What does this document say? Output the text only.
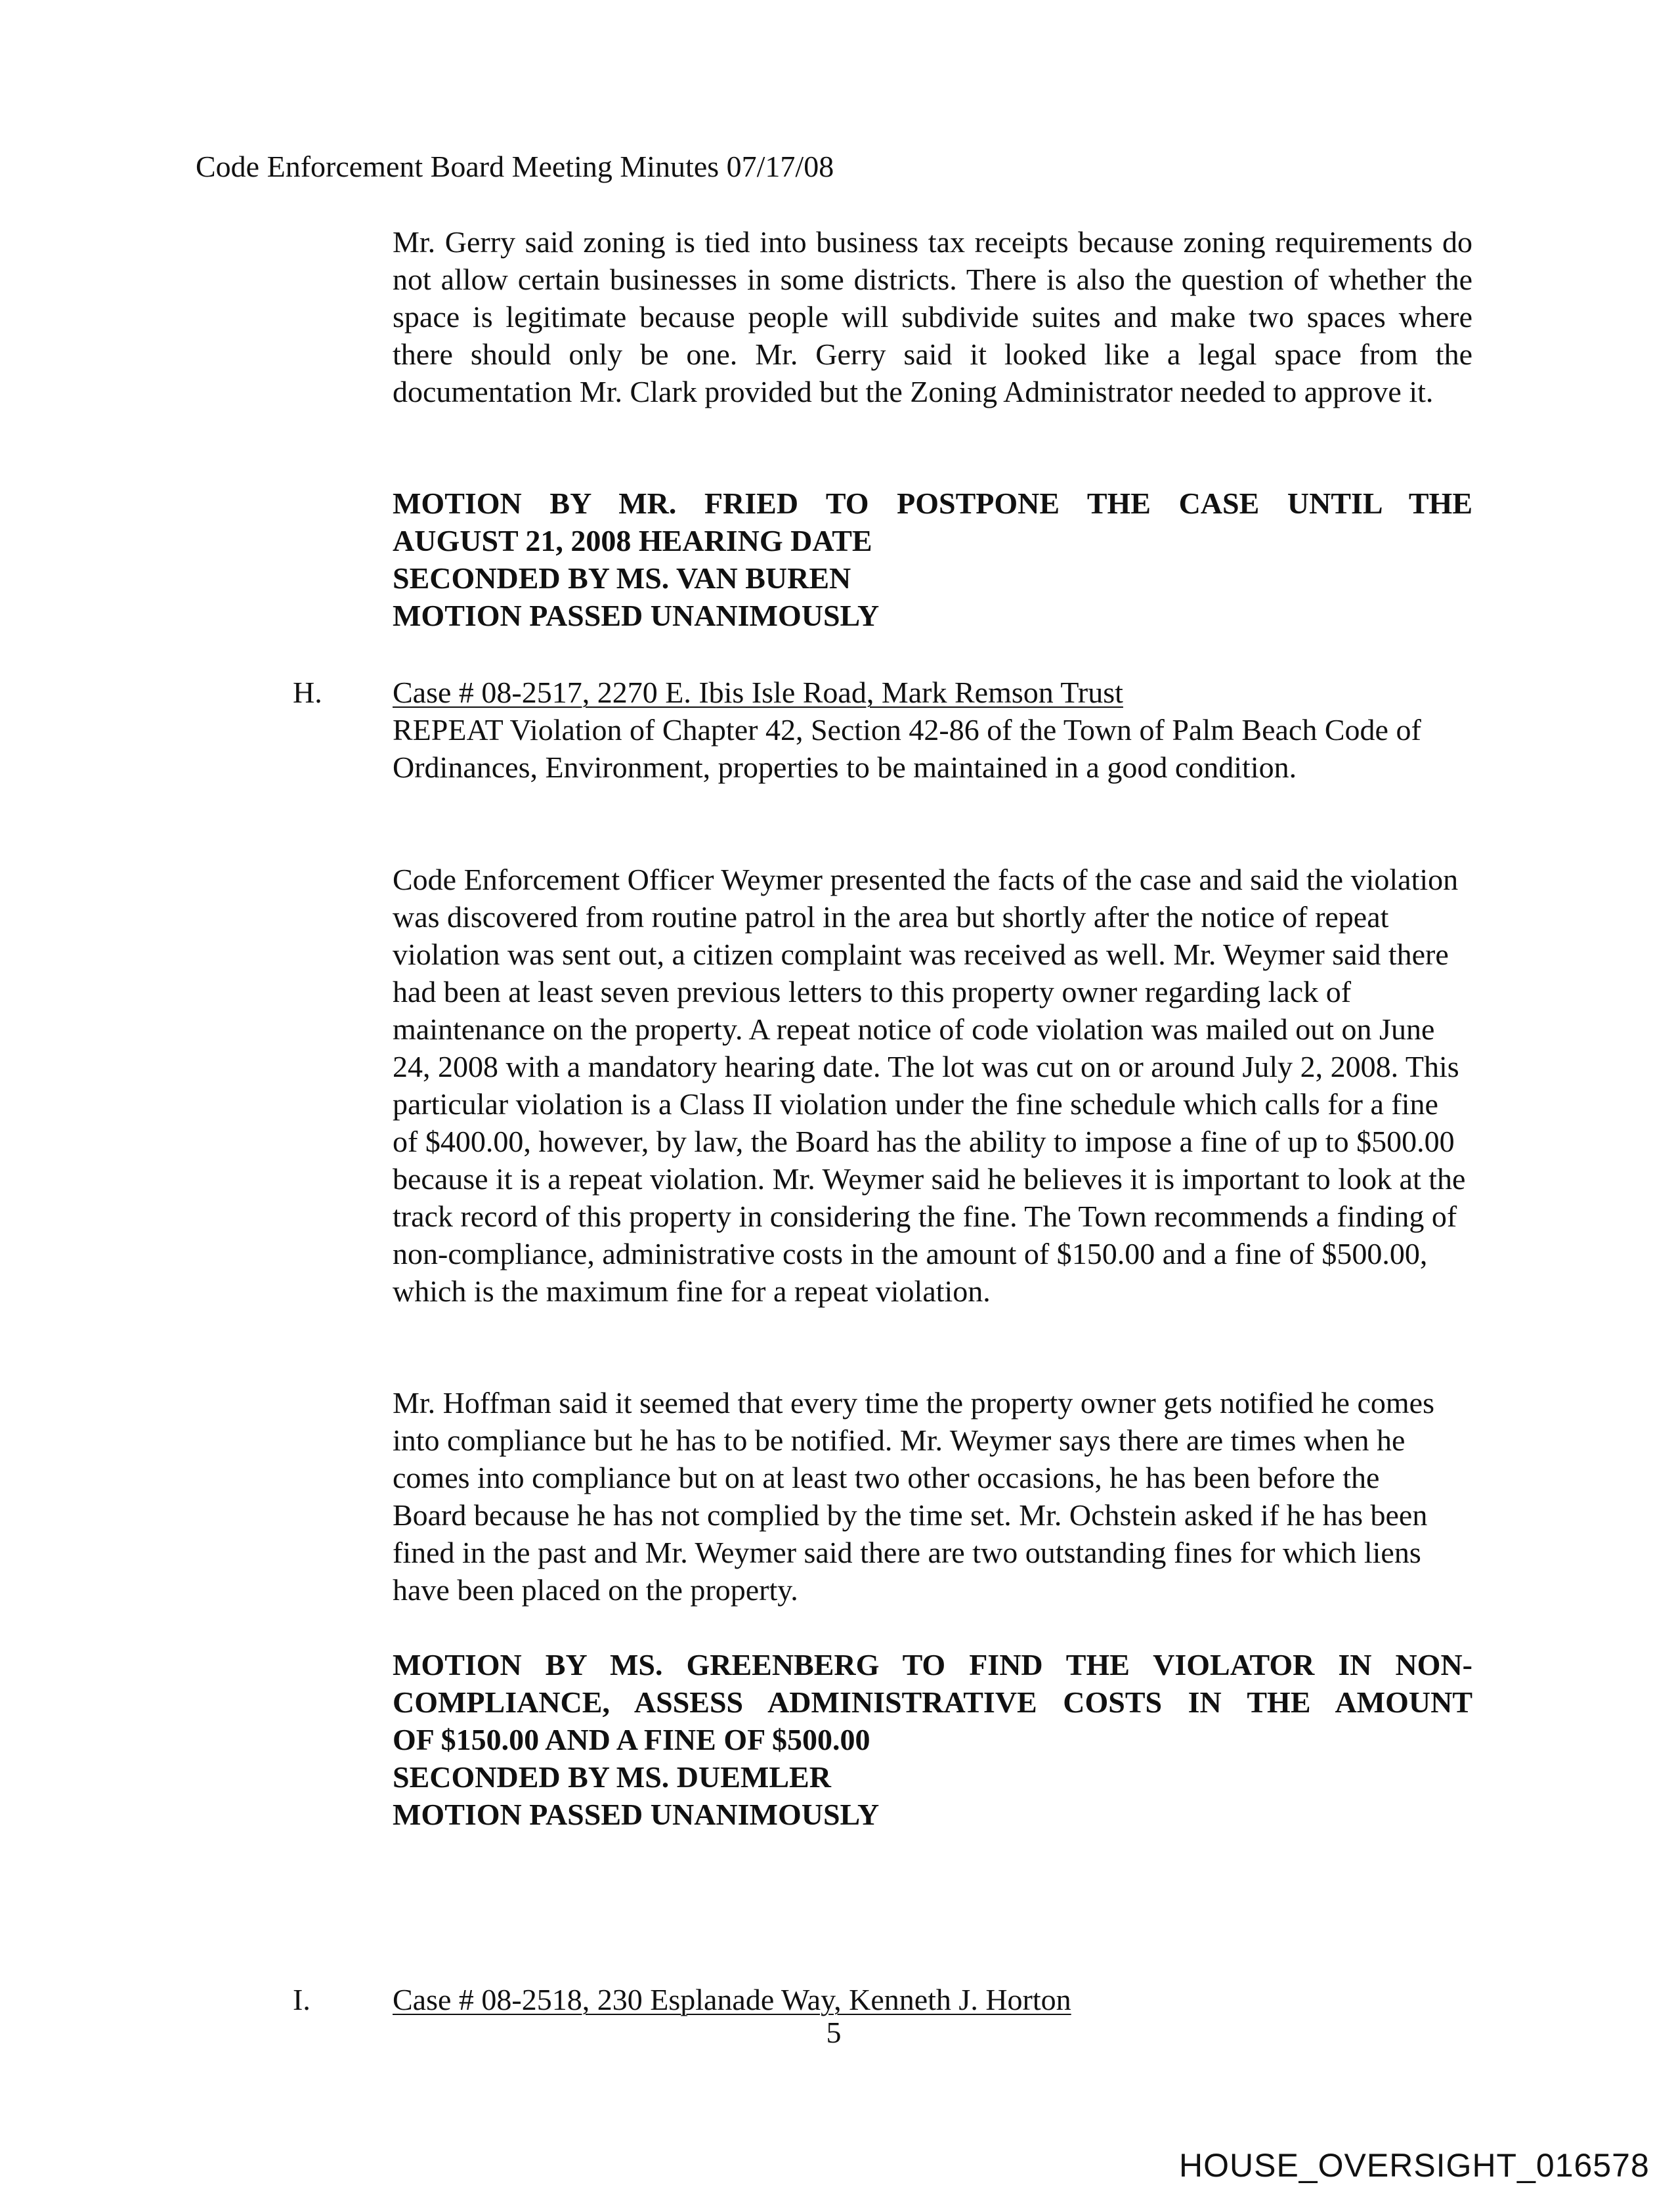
Code Enforcement Board Meeting Minutes 07/17/08
Mr. Gerry said zoning is tied into business tax receipts because zoning requirements do not allow certain businesses in some districts. There is also the question of whether the space is legitimate because people will subdivide suites and make two spaces where there should only be one. Mr. Gerry said it looked like a legal space from the documentation Mr. Clark provided but the Zoning Administrator needed to approve it.
MOTION BY MR. FRIED TO POSTPONE THE CASE UNTIL THE
AUGUST 21, 2008 HEARING DATE
SECONDED BY MS. VAN BUREN
MOTION PASSED UNANIMOUSLY
H. Case # 08-2517, 2270 E. Ibis Isle Road, Mark Remson Trust
REPEAT Violation of Chapter 42, Section 42-86 of the Town of Palm Beach Code of Ordinances, Environment, properties to be maintained in a good condition.
Code Enforcement Officer Weymer presented the facts of the case and said the violation was discovered from routine patrol in the area but shortly after the notice of repeat violation was sent out, a citizen complaint was received as well. Mr. Weymer said there had been at least seven previous letters to this property owner regarding lack of maintenance on the property. A repeat notice of code violation was mailed out on June 24, 2008 with a mandatory hearing date. The lot was cut on or around July 2, 2008. This particular violation is a Class II violation under the fine schedule which calls for a fine of $400.00, however, by law, the Board has the ability to impose a fine of up to $500.00 because it is a repeat violation. Mr. Weymer said he believes it is important to look at the track record of this property in considering the fine. The Town recommends a finding of non-compliance, administrative costs in the amount of $150.00 and a fine of $500.00, which is the maximum fine for a repeat violation.
Mr. Hoffman said it seemed that every time the property owner gets notified he comes into compliance but he has to be notified. Mr. Weymer says there are times when he comes into compliance but on at least two other occasions, he has been before the Board because he has not complied by the time set. Mr. Ochstein asked if he has been fined in the past and Mr. Weymer said there are two outstanding fines for which liens have been placed on the property.
MOTION BY MS. GREENBERG TO FIND THE VIOLATOR IN NON-
COMPLIANCE, ASSESS ADMINISTRATIVE COSTS IN THE AMOUNT
OF $150.00 AND A FINE OF $500.00
SECONDED BY MS. DUEMLER
MOTION PASSED UNANIMOUSLY
I.	Case # 08-2518, 230 Esplanade Way, Kenneth J. Horton
5
HOUSE_OVERSIGHT_016578
